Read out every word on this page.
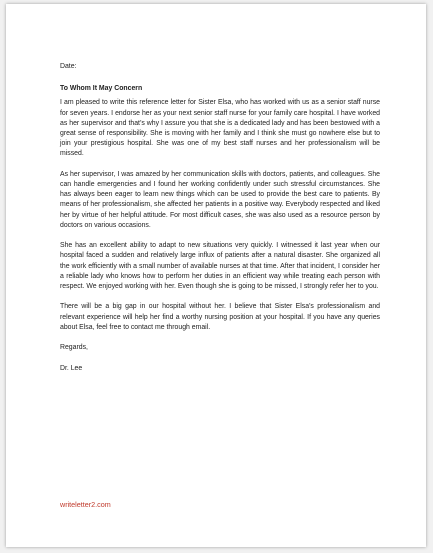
Date:

To Whom It May Concern

I am pleased to write this reference letter for Sister Elsa, who has worked with us as a senior staff nurse for seven years. I endorse her as your next senior staff nurse for your family care hospital. I have worked as her supervisor and that’s why I assure you that she is a dedicated lady and has been bestowed with a great sense of responsibility. She is moving with her family and I think she must go nowhere else but to join your prestigious hospital. She was one of my best staff nurses and her professionalism will be missed.

As her supervisor, I was amazed by her communication skills with doctors, patients, and colleagues. She can handle emergencies and I found her working confidently under such stressful circumstances. She has always been eager to learn new things which can be used to provide the best care to patients. By means of her professionalism, she affected her patients in a positive way. Everybody respected and liked her by virtue of her helpful attitude. For most difficult cases, she was also used as a resource person by doctors on various occasions.

She has an excellent ability to adapt to new situations very quickly. I witnessed it last year when our hospital faced a sudden and relatively large influx of patients after a natural disaster. She organized all the work efficiently with a small number of available nurses at that time. After that incident, I consider her a reliable lady who knows how to perform her duties in an efficient way while treating each person with respect. We enjoyed working with her. Even though she is going to be missed, I strongly refer her to you.

There will be a big gap in our hospital without her. I believe that Sister Elsa’s professionalism and relevant experience will help her find a worthy nursing position at your hospital. If you have any queries about Elsa, feel free to contact me through email.

Regards,

Dr. Lee

writeletter2.com
